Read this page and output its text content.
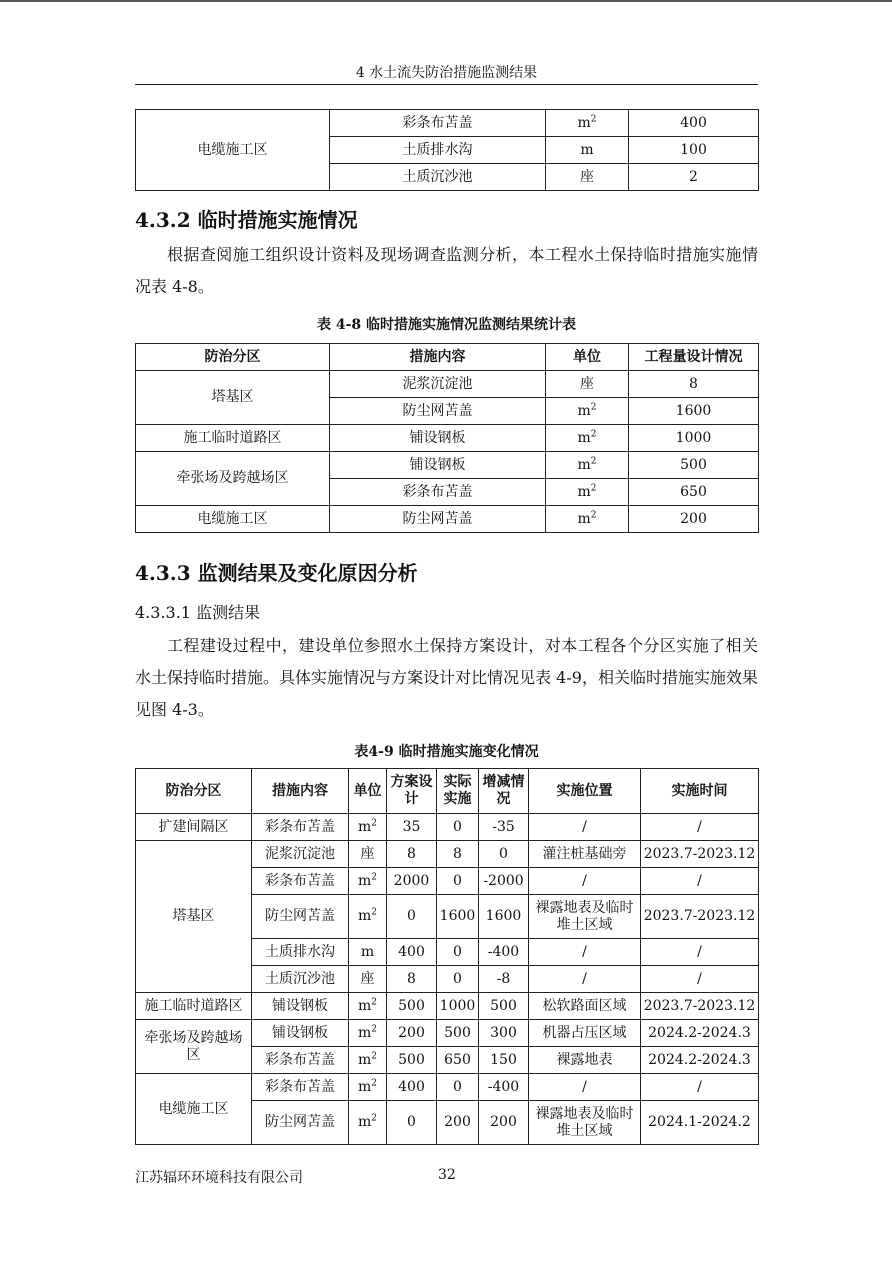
4 水土流失防治措施监测结果
电缆施工区	彩条布苫盖	$m^2$	400
	土质排水沟	m	100
	土质沉沙池	座	2
4.3.2 临时措施实施情况
根据查阅施工组织设计资料及现场调查监测分析，本工程水土保持临时措施实施情况表 4-8。
表 4-8 临时措施实施情况监测结果统计表
防治分区	措施内容	单位	工程量设计情况
塔基区	泥浆沉淀池	座	8
	防尘网苫盖	$m^2$	1600
施工临时道路区	铺设钢板	$m^2$	1000
牵张场及跨越场区	铺设钢板	$m^2$	500
	彩条布苫盖	$m^2$	650
电缆施工区	防尘网苫盖	$m^2$	200
4.3.3 监测结果及变化原因分析
4.3.3.1 监测结果
工程建设过程中，建设单位参照水土保持方案设计，对本工程各个分区实施了相关水土保持临时措施。具体实施情况与方案设计对比情况见表 4-9，相关临时措施实施效果见图 4-3。
表4-9 临时措施实施变化情况
防治分区	措施内容	单位	方案设计	实际实施	增减情况	实施位置	实施时间
扩建间隔区	彩条布苫盖	$m^2$	35	0	-35	/	/
塔基区	泥浆沉淀池	座	8	8	0	灌注桩基础旁	2023.7-2023.12
	彩条布苫盖	$m^2$	2000	0	-2000	/	/
	防尘网苫盖	$m^2$	0	1600	1600	裸露地表及临时堆土区域	2023.7-2023.12
	土质排水沟	m	400	0	-400	/	/
	土质沉沙池	座	8	0	-8	/	/
施工临时道路区	铺设钢板	$m^2$	500	1000	500	松软路面区域	2023.7-2023.12
牵张场及跨越场区	铺设钢板	$m^2$	200	500	300	机器占压区域	2024.2-2024.3
	彩条布苫盖	$m^2$	500	650	150	裸露地表	2024.2-2024.3
电缆施工区	彩条布苫盖	$m^2$	400	0	-400	/	/
	防尘网苫盖	$m^2$	0	200	200	裸露地表及临时堆土区域	2024.1-2024.2
江苏辐环环境科技有限公司	32
